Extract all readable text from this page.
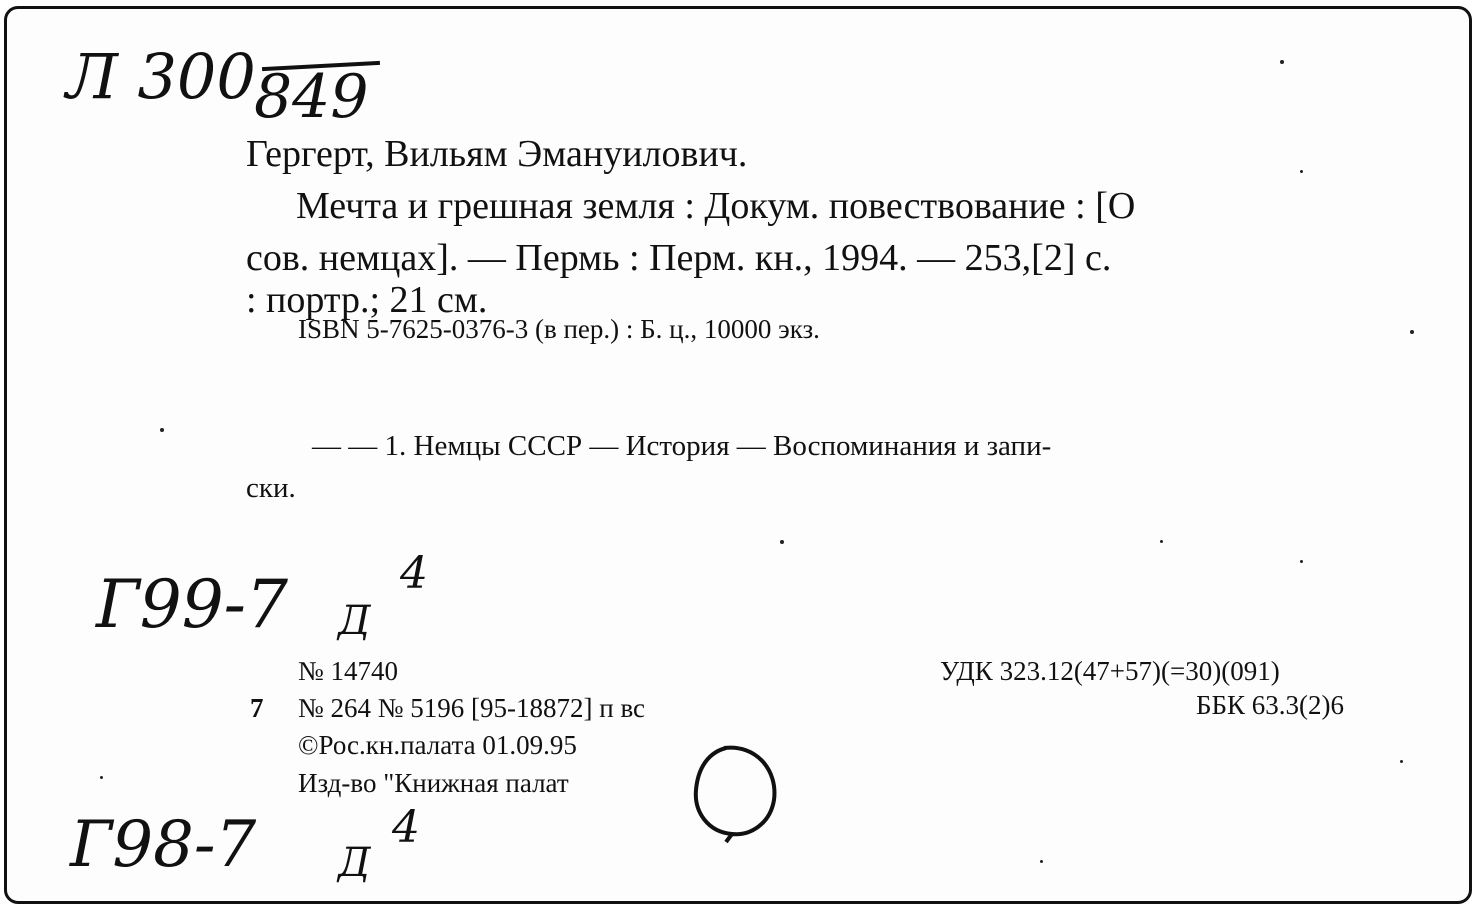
Л 300
849
Гергерт, Вильям Эмануилович.
Мечта и грешная земля : Докум. повествование : [О
сов. немцах]. — Пермь : Перм. кн., 1994. — 253,[2] с.
: портр.; 21 см.
ISBN 5-7625-0376-3 (в пер.) : Б. ц., 10000 экз.
— — 1. Немцы СССР — История — Воспоминания и запи-
ски.
Г99-7 Д
4
Г98-7 Д
4
№ 14740
7 № 264 № 5196 [95-18872] п вс
©Рос.кн.палата 01.09.95
Изд-во "Книжная палат
УДК 323.12(47+57)(=30)(091)
ББК 63.3(2)6
